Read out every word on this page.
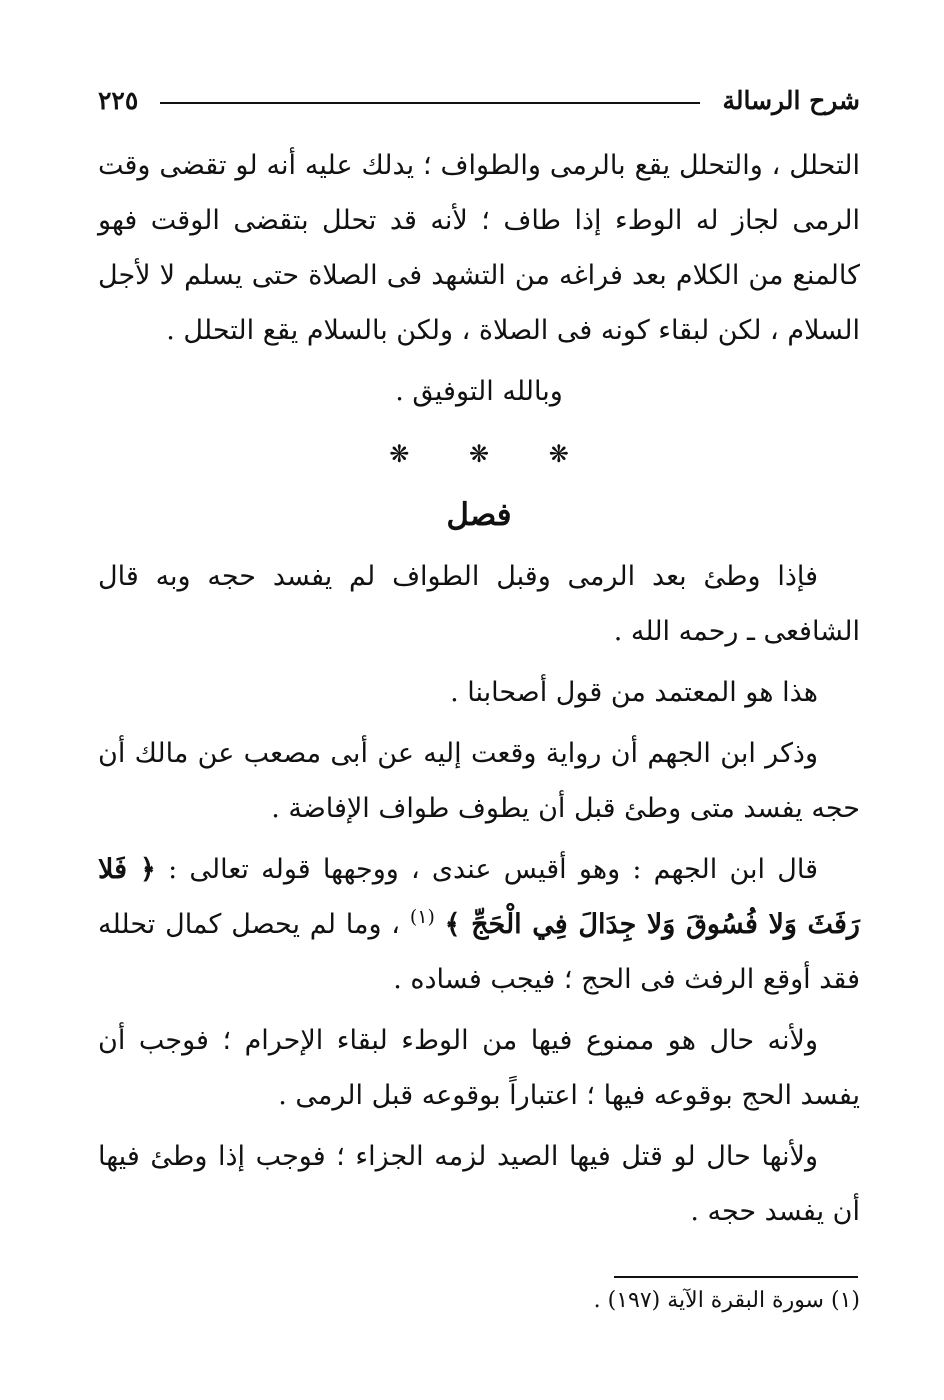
شرح الرسالة
٢٢٥

التحلل ، والتحلل يقع بالرمى والطواف ؛ يدلك عليه أنه لو تقضى وقت الرمى لجاز له الوطء إذا طاف ؛ لأنه قد تحلل بتقضى الوقت فهو كالمنع من الكلام بعد فراغه من التشهد فى الصلاة حتى يسلم لا لأجل السلام ، لكن لبقاء كونه فى الصلاة ، ولكن بالسلام يقع التحلل .

وبالله التوفيق .

❋ ❋ ❋
فصل

فإذا وطئ بعد الرمى وقبل الطواف لم يفسد حجه وبه قال الشافعى ـ رحمه الله .

هذا هو المعتمد من قول أصحابنا .

وذكر ابن الجهم أن رواية وقعت إليه عن أبى مصعب عن مالك أن حجه يفسد متى وطئ قبل أن يطوف طواف الإفاضة .

قال ابن الجهم : وهو أقيس عندى ، ووجهها قوله تعالى : ﴿ فَلا رَفَثَ وَلا فُسُوقَ وَلا جِدَالَ فِي الْحَجِّ ﴾ $^{(١)}$ ، وما لم يحصل كمال تحلله فقد أوقع الرفث فى الحج ؛ فيجب فساده .

ولأنه حال هو ممنوع فيها من الوطء لبقاء الإحرام ؛ فوجب أن يفسد الحج بوقوعه فيها ؛ اعتباراً بوقوعه قبل الرمى .

ولأنها حال لو قتل فيها الصيد لزمه الجزاء ؛ فوجب إذا وطئ فيها أن يفسد حجه .

(١) سورة البقرة الآية (١٩٧) .
